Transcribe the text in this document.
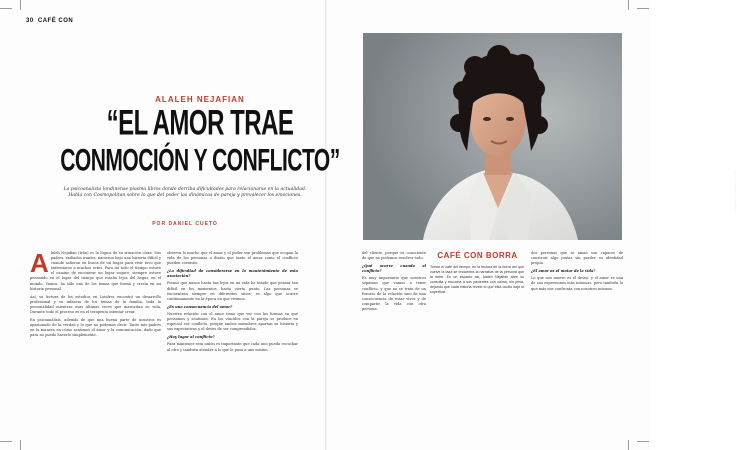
30 CAFÉ CON
ALALEH NEJAFIAN
“EL AMOR TRAE
CONMOCIÓN Y CONFLICTO”
La psicoanalista londinense plasma libros donde derriba dificultades para relacionarse en la actualidad. Habla con Cosmopolitan sobre lo que del poder las dinámicas de pareja y prevalecer los emociones.
POR DANIEL CUETO
A laleh Nejafian (Irán) es la lógica de su situación clara. Sus padres, exiliados iraníes, nacieron bajo una historia difícil y cuando salieron en busca de un hogar para vivir tuvo que enfrentarse a muchos retos. Para mi todo el tiempo estuve el camino de encontrar un lugar seguro; siempre estuve pensando en el lugar del tiempo que estaba lejos del hogar, en el mundo. Vamos, ha sido uno de los temas que forma y crecía en mi historia personal.

Así, su lectura de los estudios en Londres encontró un desarrollo profesional y su infancia de los temas de la familia, toda la personalidad mientras esas últimas veces que marcarían su vida. Durante todo el proceso es en el terapeuta intentar crear.

En psicoanálisis, además de que una buena parte de nosotros es apasionado de la verdad y lo que no podemos decir. Tanto mis padres en la manera en cómo sentimos el amor y la comunicación, dado que para no puedo hacerlo simplemente.

observa lo mucho que el amor y el poder son problemas que ocupan la vida de los personas a diario que tanto el amor como el conflicto pueden coexistir.

¿La dificultad de considerarse en la mantenimiento de esta asociación?

Pienso que nunca hasta tan lejos en mi vida he tenido que pensar tan difícil en los momentos, hasta cierto punto. Las personas se encuentran siempre en diferentes sitios; es algo que ocurre continuamente en la época en que vivimos.

¿Es una consecuencia del amor?

Nuestra relación con el amor tiene que ver con las formas en que pensamos y sentimos. En los vínculos con la pareja se produce en especial ese conflicto, porque ambos miembros aportan su historia y sus expectativas y el deseo de ser comprendidos.

¿Hay lugar al conflicto?

Para mantener esta unión es importante que cada uno pueda escuchar al otro y también atender a lo que le pasa a uno mismo.

Fotografía: Cortesía de la autora

del cliente, porque es consciente de que no podemos resolver todo.

¿Qué ocurre cuando el conflicto?

Es muy importante que nosotros sepamos que vamos a tener conflicto, y que no se trata de un fracaso de la relación sino de una consecuencia de estar vivos y de compartir la vida con otra persona.

CAFÉ CON BORRA
Tomar el café del tiempo; en la lectura de la borra del que vuelve la taza se encuentra la narrativa de la persona que la bebe. En un espacio así, Alaleh Nejafian abre su consulta y escucha a sus pacientes con calma, sin prisa, dejando que cada historia revele lo que está oculto bajo la superficie.

dos personas que se aman son capaces de construir algo juntas sin perder su identidad propia.

¿El amor es el motor de la vida?

Lo que nos mueve es el deseo, y el amor es una de sus expresiones más intensas, pero también lo que más nos confronta con nosotros mismos.
